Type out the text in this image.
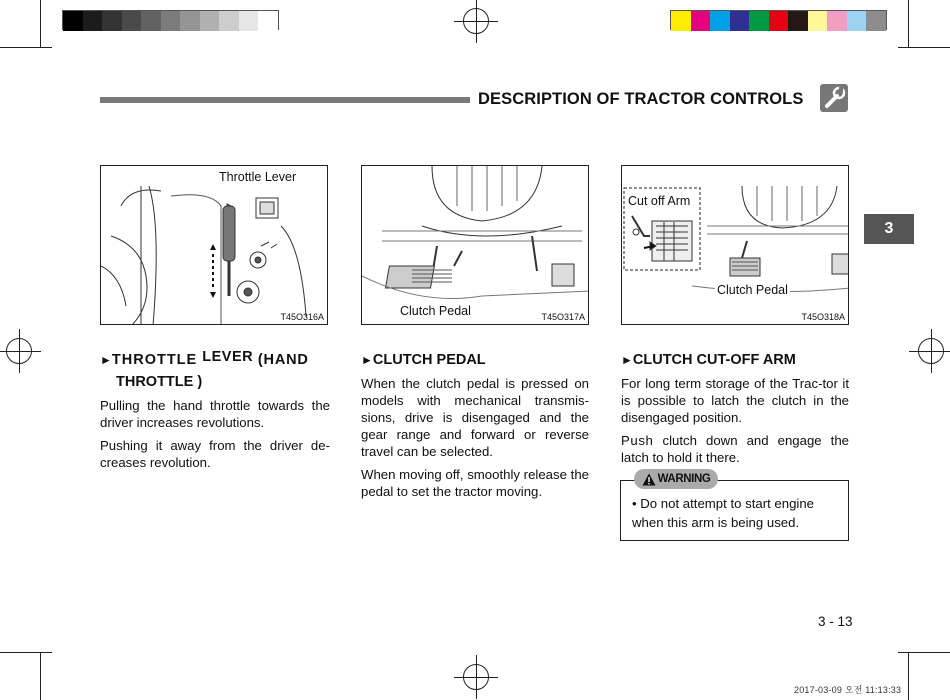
DESCRIPTION OF TRACTOR CONTROLS
3
Throttle Lever
T45O316A	Clutch Pedal	T45O317A
Cut off Arm
Clutch Pedal
T45O318A
►THROTTLE LEVER (HAND
THROTTLE )

Pulling the hand throttle towards the driver increases revolutions.

Pushing it away from the driver de-creases revolution.

►CLUTCH PEDAL

When the clutch pedal is pressed on models with mechanical transmis-sions, drive is disengaged and the gear range and forward or reverse travel can be selected.

When moving off, smoothly release the pedal to set the tractor moving.

►CLUTCH CUT-OFF ARM

For long term storage of the Trac-tor it is possible to latch the clutch in the disengaged position.

Push clutch down and engage the latch to hold it there.

WARNING
• Do not attempt to start engine when this arm is being used.
3 - 13
2017-03-09 오전 11:13:33
